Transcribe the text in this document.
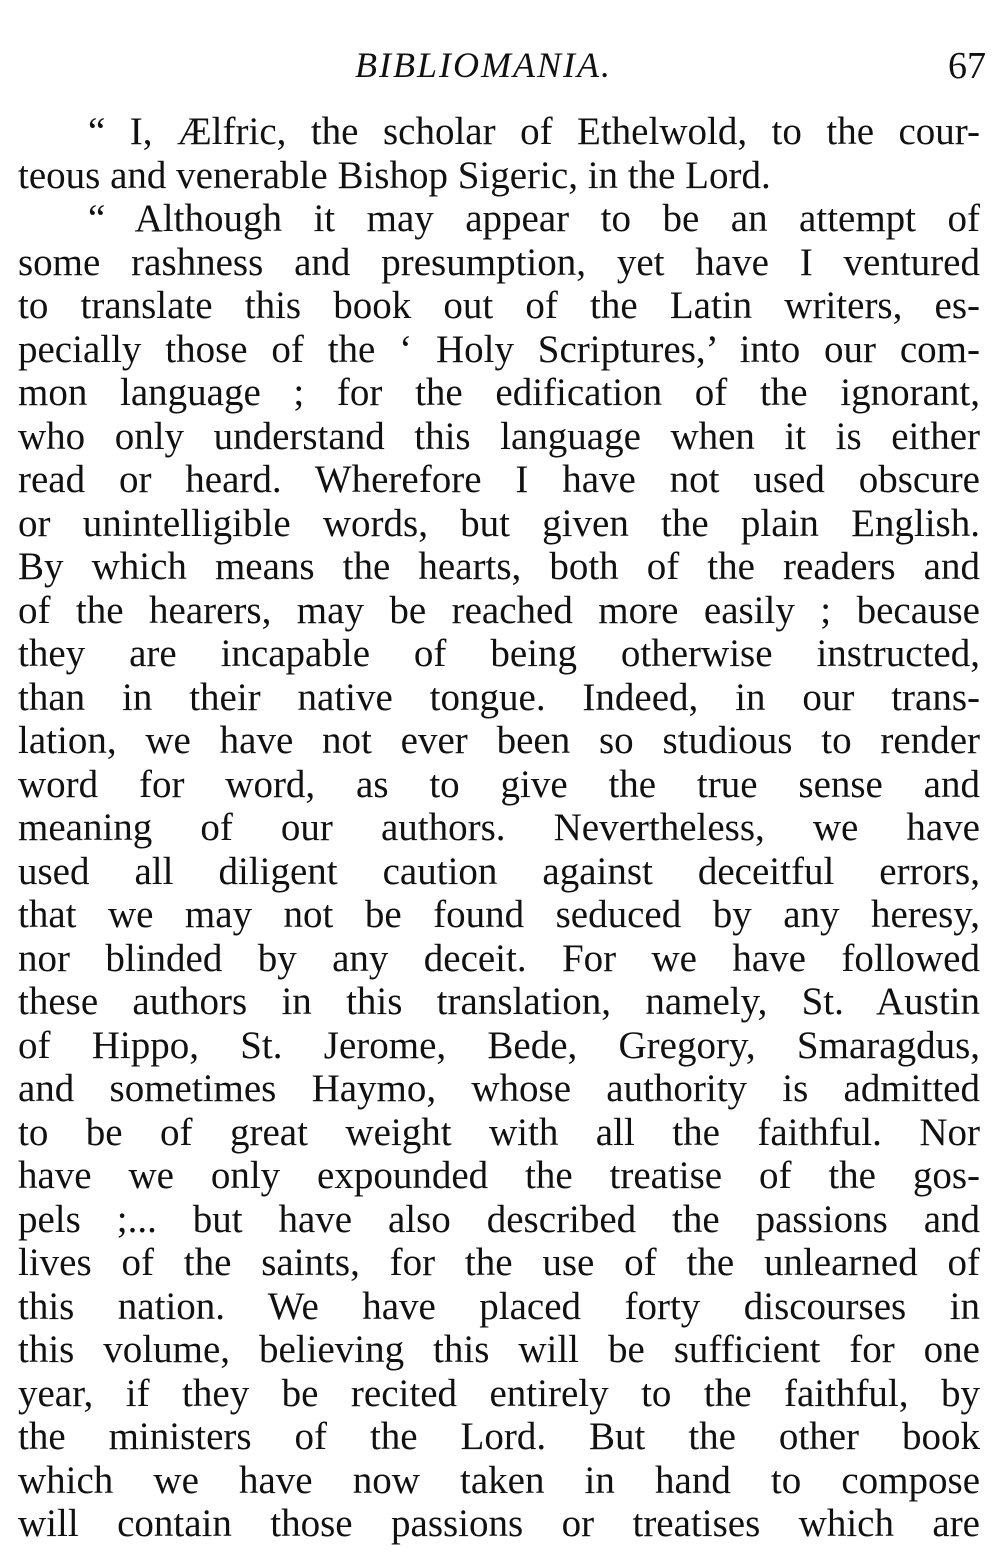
BIBLIOMANIA.	67
“ I, Ælfric, the scholar of Ethelwold, to the cour-
teous and venerable Bishop Sigeric, in the Lord.
“ Although it may appear to be an attempt of
some rashness and presumption, yet have I ventured
to translate this book out of the Latin writers, es-
pecially those of the ‘ Holy Scriptures,’ into our com-
mon language ; for the edification of the ignorant,
who only understand this language when it is either
read or heard. Wherefore I have not used obscure
or unintelligible words, but given the plain English.
By which means the hearts, both of the readers and
of the hearers, may be reached more easily ; because
they are incapable of being otherwise instructed,
than in their native tongue. Indeed, in our trans-
lation, we have not ever been so studious to render
word for word, as to give the true sense and
meaning of our authors. Nevertheless, we have
used all diligent caution against deceitful errors,
that we may not be found seduced by any heresy,
nor blinded by any deceit. For we have followed
these authors in this translation, namely, St. Austin
of Hippo, St. Jerome, Bede, Gregory, Smaragdus,
and sometimes Haymo, whose authority is admitted
to be of great weight with all the faithful. Nor
have we only expounded the treatise of the gos-
pels ;... but have also described the passions and
lives of the saints, for the use of the unlearned of
this nation. We have placed forty discourses in
this volume, believing this will be sufficient for one
year, if they be recited entirely to the faithful, by
the ministers of the Lord. But the other book
which we have now taken in hand to compose
will contain those passions or treatises which are
